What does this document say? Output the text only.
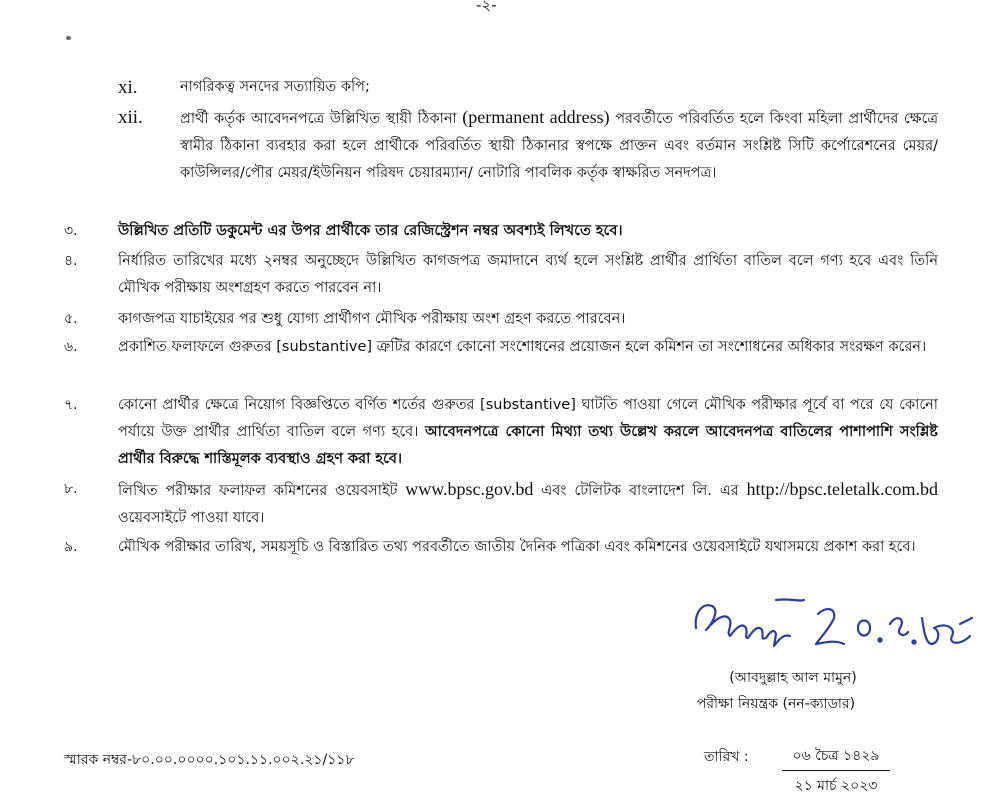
-২-
xi.	নাগরিকত্ব সনদের সত্যায়িত কপি;
xii.	প্রার্থী কর্তৃক আবেদনপত্রে উল্লিখিত স্থায়ী ঠিকানা (permanent address) পরবর্তীতে পরিবর্তিত হলে কিংবা মহিলা প্রার্থীদের ক্ষেত্রে স্বামীর ঠিকানা ব্যবহার করা হলে প্রার্থীকে পরিবর্তিত স্থায়ী ঠিকানার স্বপক্ষে প্রাক্তন এবং বর্তমান সংশ্লিষ্ট সিটি কর্পোরেশনের মেয়র/কাউন্সিলর/পৌর মেয়র/ইউনিয়ন পরিষদ চেয়ারম্যান/ নোটারি পাবলিক কর্তৃক স্বাক্ষরিত সনদপত্র।
৩.	উল্লিখিত প্রতিটি ডকুমেন্ট এর উপর প্রার্থীকে তার রেজিস্ট্রেশন নম্বর অবশ্যই লিখতে হবে।
৪.	নির্ধারিত তারিখের মধ্যে ২নম্বর অনুচ্ছেদে উল্লিখিত কাগজপত্র জমাদানে ব্যর্থ হলে সংশ্লিষ্ট প্রার্থীর প্রার্থিতা বাতিল বলে গণ্য হবে এবং তিনি মৌখিক পরীক্ষায় অংশগ্রহণ করতে পারবেন না।
৫.	কাগজপত্র যাচাইয়ের পর শুধু যোগ্য প্রার্থীগণ মৌখিক পরীক্ষায় অংশ গ্রহণ করতে পারবেন।
৬.	প্রকাশিত ফলাফলে গুরুতর [substantive] ত্রুটির কারণে কোনো সংশোধনের প্রয়োজন হলে কমিশন তা সংশোধনের অধিকার সংরক্ষণ করেন।
৭.	কোনো প্রার্থীর ক্ষেত্রে নিয়োগ বিজ্ঞপ্তিতে বর্ণিত শর্তের গুরুতর [substantive] ঘাটতি পাওয়া গেলে মৌখিক পরীক্ষার পূর্বে বা পরে যে কোনো পর্যায়ে উক্ত প্রার্থীর প্রার্থিতা বাতিল বলে গণ্য হবে। আবেদনপত্রে কোনো মিথ্যা তথ্য উল্লেখ করলে আবেদনপত্র বাতিলের পাশাপাশি সংশ্লিষ্ট প্রার্থীর বিরুদ্ধে শাস্তিমূলক ব্যবস্থাও গ্রহণ করা হবে।
৮.	লিখিত পরীক্ষার ফলাফল কমিশনের ওয়েবসাইট www.bpsc.gov.bd এবং টেলিটক বাংলাদেশ লি. এর http://bpsc.teletalk.com.bd ওয়েবসাইটে পাওয়া যাবে।
৯.	মৌখিক পরীক্ষার তারিখ, সময়সূচি ও বিস্তারিত তথ্য পরবর্তীতে জাতীয় দৈনিক পত্রিকা এবং কমিশনের ওয়েবসাইটে যথাসময়ে প্রকাশ করা হবে।
(আবদুল্লাহ আল মামুন)
পরীক্ষা নিয়ন্ত্রক (নন-ক্যাডার)
স্মারক নম্বর-৮০.০০.০০০০.১০১.১১.০০২.২১/১১৮	তারিখ :	০৬ চৈত্র ১৪২৯
২১ মার্চ ২০২৩
